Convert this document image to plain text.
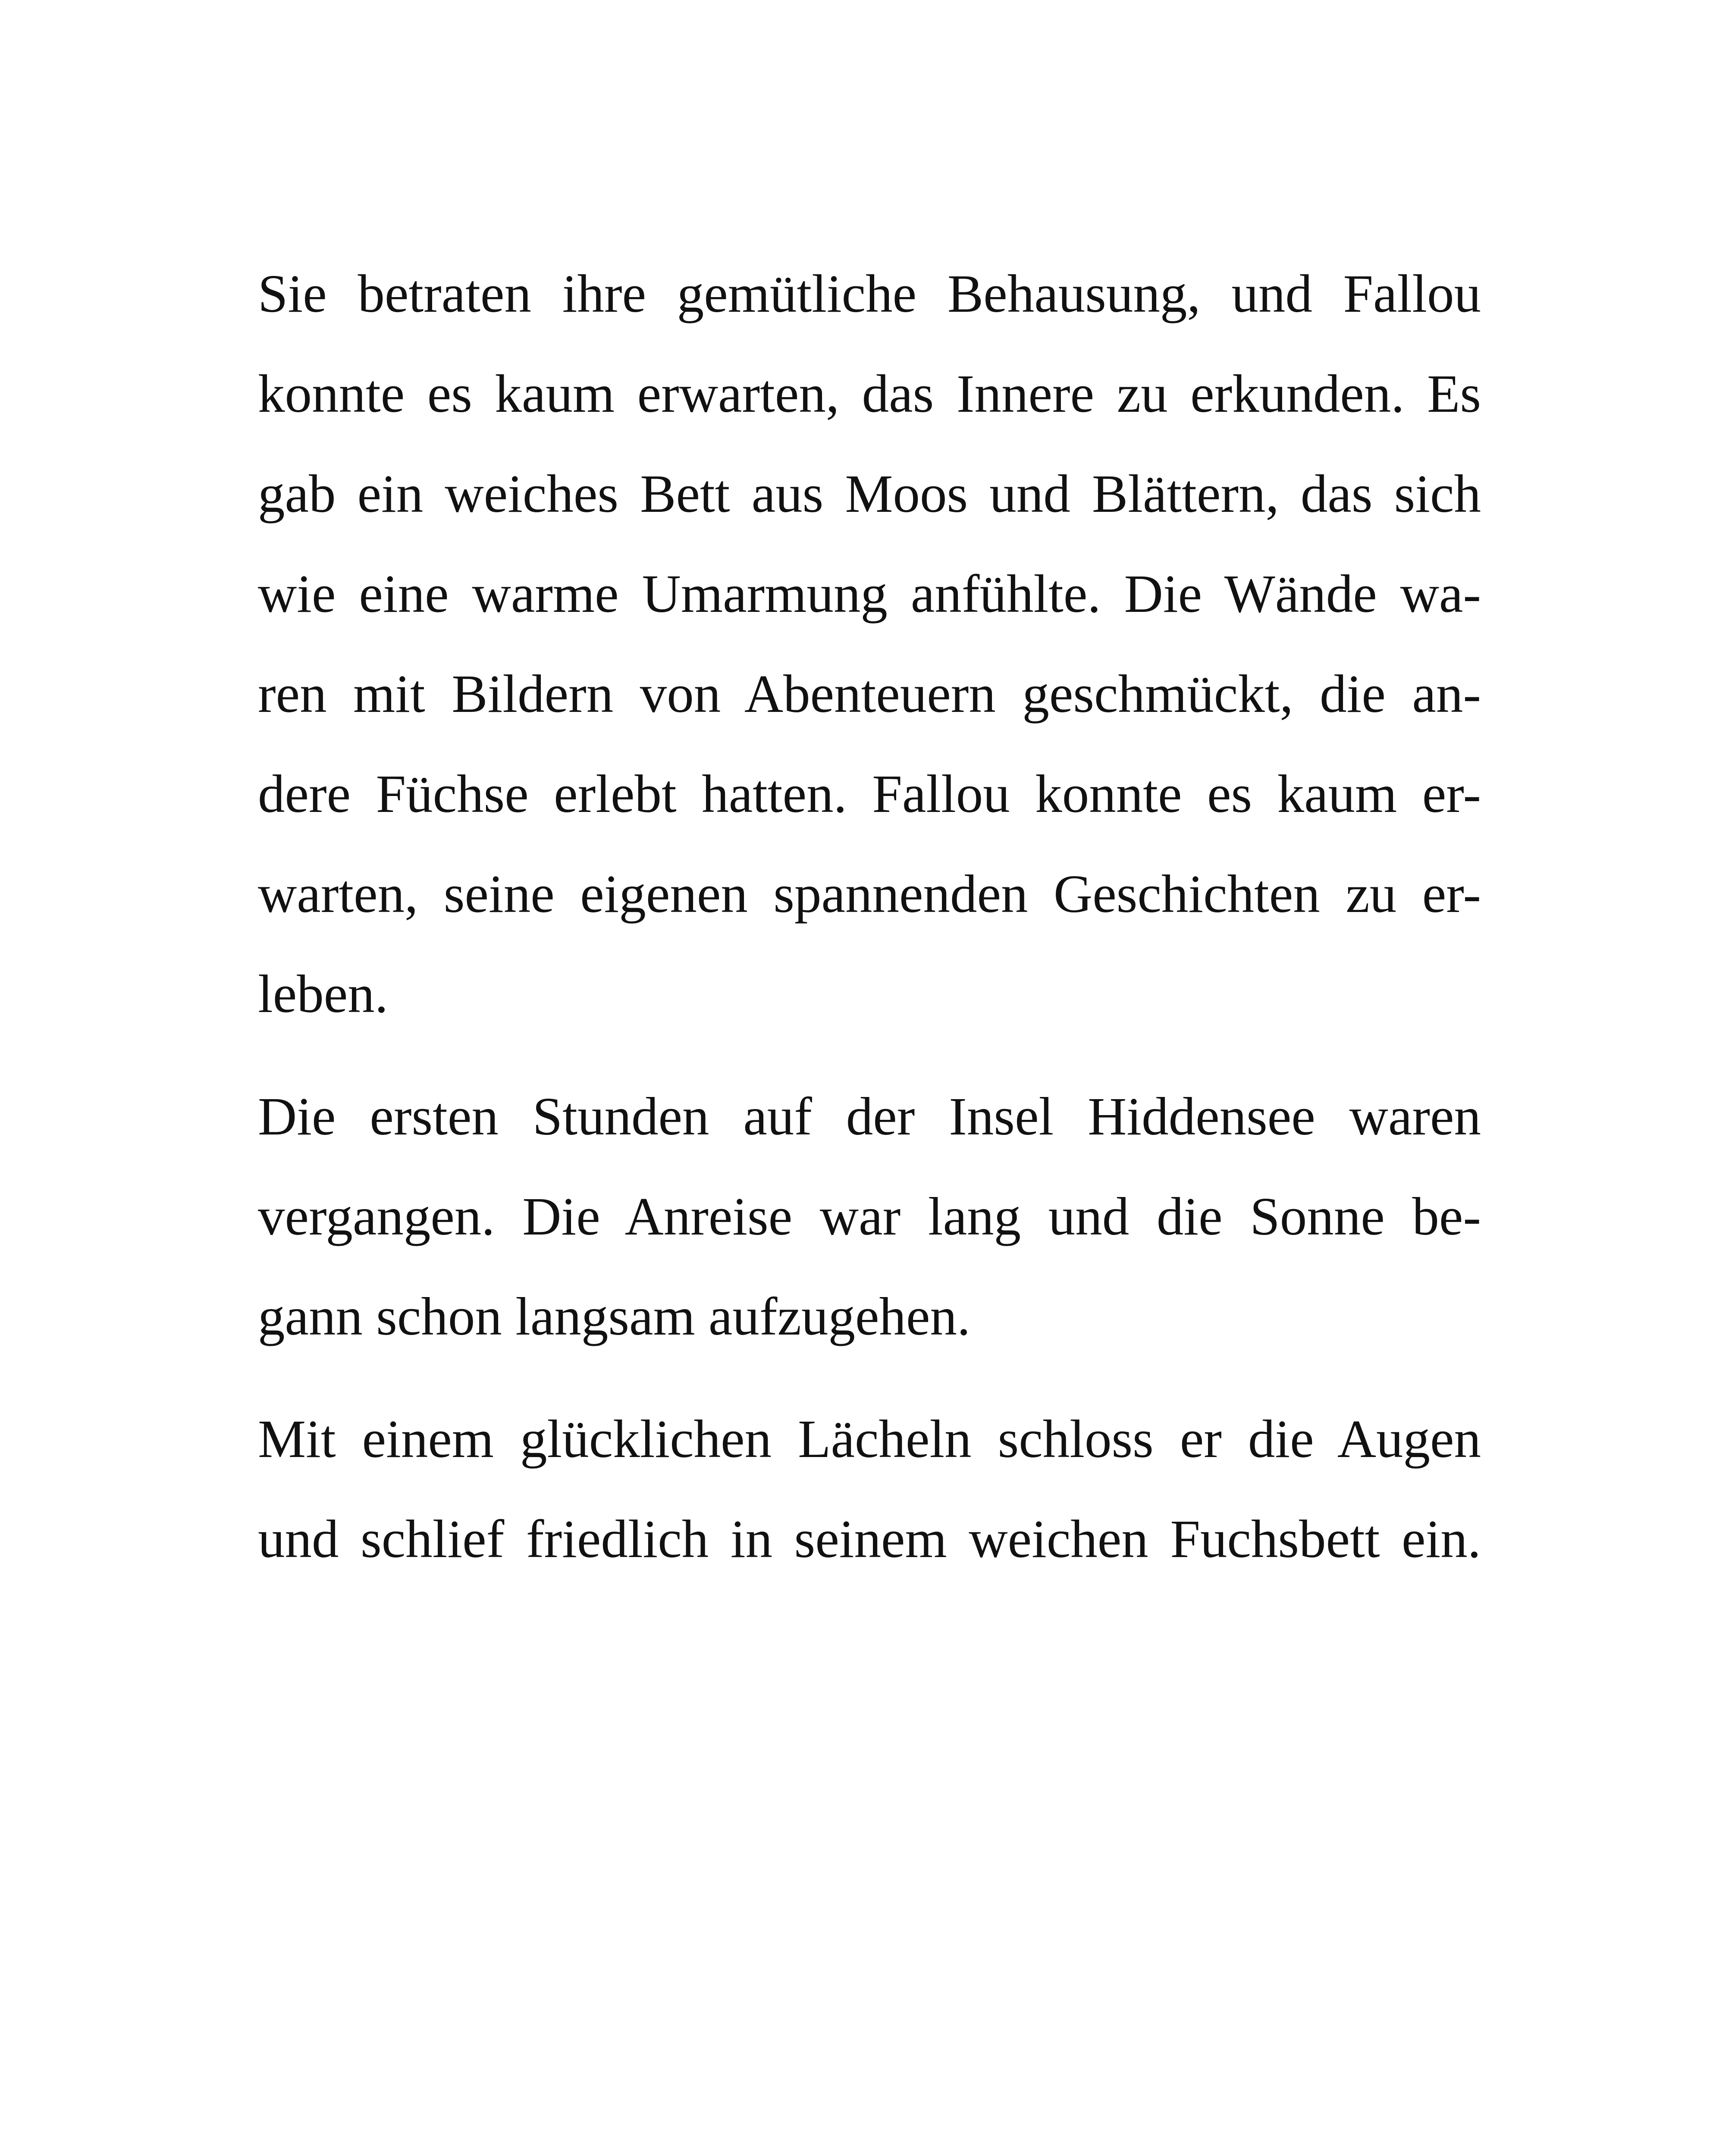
Sie betraten ihre gemütliche Behausung, und Fallou
konnte es kaum erwarten, das Innere zu erkunden. Es
gab ein weiches Bett aus Moos und Blättern, das sich
wie eine warme Umarmung anfühlte. Die Wände wa-
ren mit Bildern von Abenteuern geschmückt, die an-
dere Füchse erlebt hatten. Fallou konnte es kaum er-
warten, seine eigenen spannenden Geschichten zu er-
leben.

Die ersten Stunden auf der Insel Hiddensee waren
vergangen. Die Anreise war lang und die Sonne be-
gann schon langsam aufzugehen.

Mit einem glücklichen Lächeln schloss er die Augen
und schlief friedlich in seinem weichen Fuchsbett ein.
